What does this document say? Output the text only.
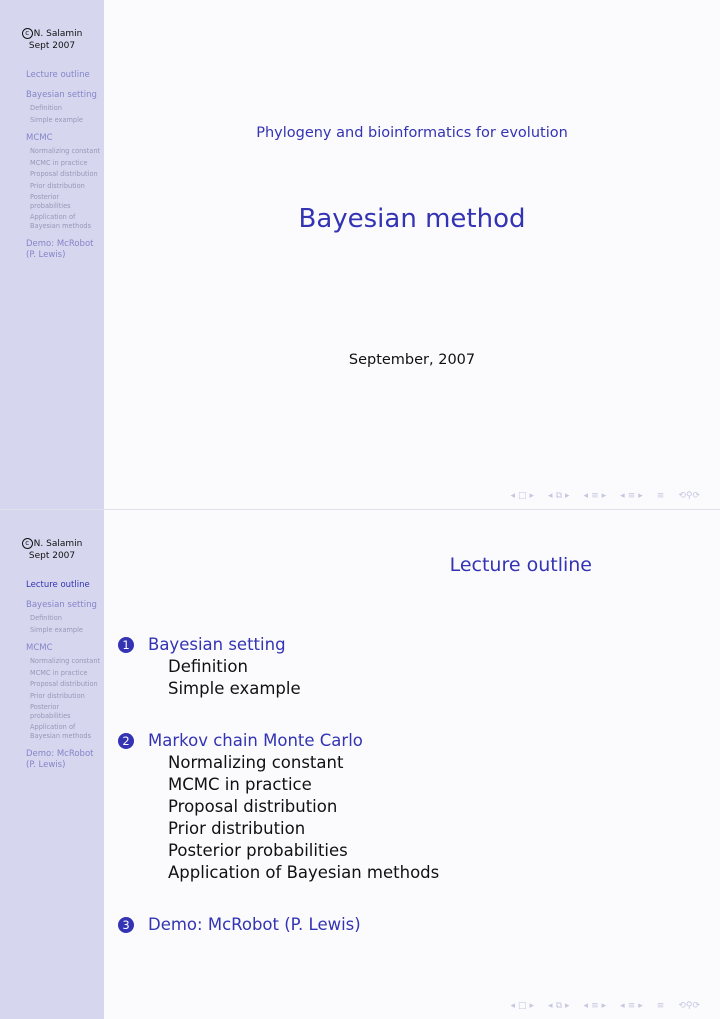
c N. Salamin
Sept 2007
Lecture outline
Bayesian setting
Definition
Simple example
MCMC
Normalizing constant
MCMC in practice
Proposal distribution
Prior distribution
Posterior
probabilities
Application of
Bayesian methods
Demo: McRobot
(P. Lewis)
Phylogeny and bioinformatics for evolution
Bayesian method
September, 2007
◂ □ ▸ ◂ ⧉ ▸ ◂ ≡ ▸ ◂ ≡ ▸ ≡ ⟲⚲⟳
c N. Salamin
Sept 2007
Lecture outline
Bayesian setting
Definition
Simple example
MCMC
Normalizing constant
MCMC in practice
Proposal distribution
Prior distribution
Posterior
probabilities
Application of
Bayesian methods
Demo: McRobot
(P. Lewis)
Lecture outline
1 Bayesian setting
Definition
Simple example
2 Markov chain Monte Carlo
Normalizing constant
MCMC in practice
Proposal distribution
Prior distribution
Posterior probabilities
Application of Bayesian methods
3 Demo: McRobot (P. Lewis)
◂ □ ▸ ◂ ⧉ ▸ ◂ ≡ ▸ ◂ ≡ ▸ ≡ ⟲⚲⟳
